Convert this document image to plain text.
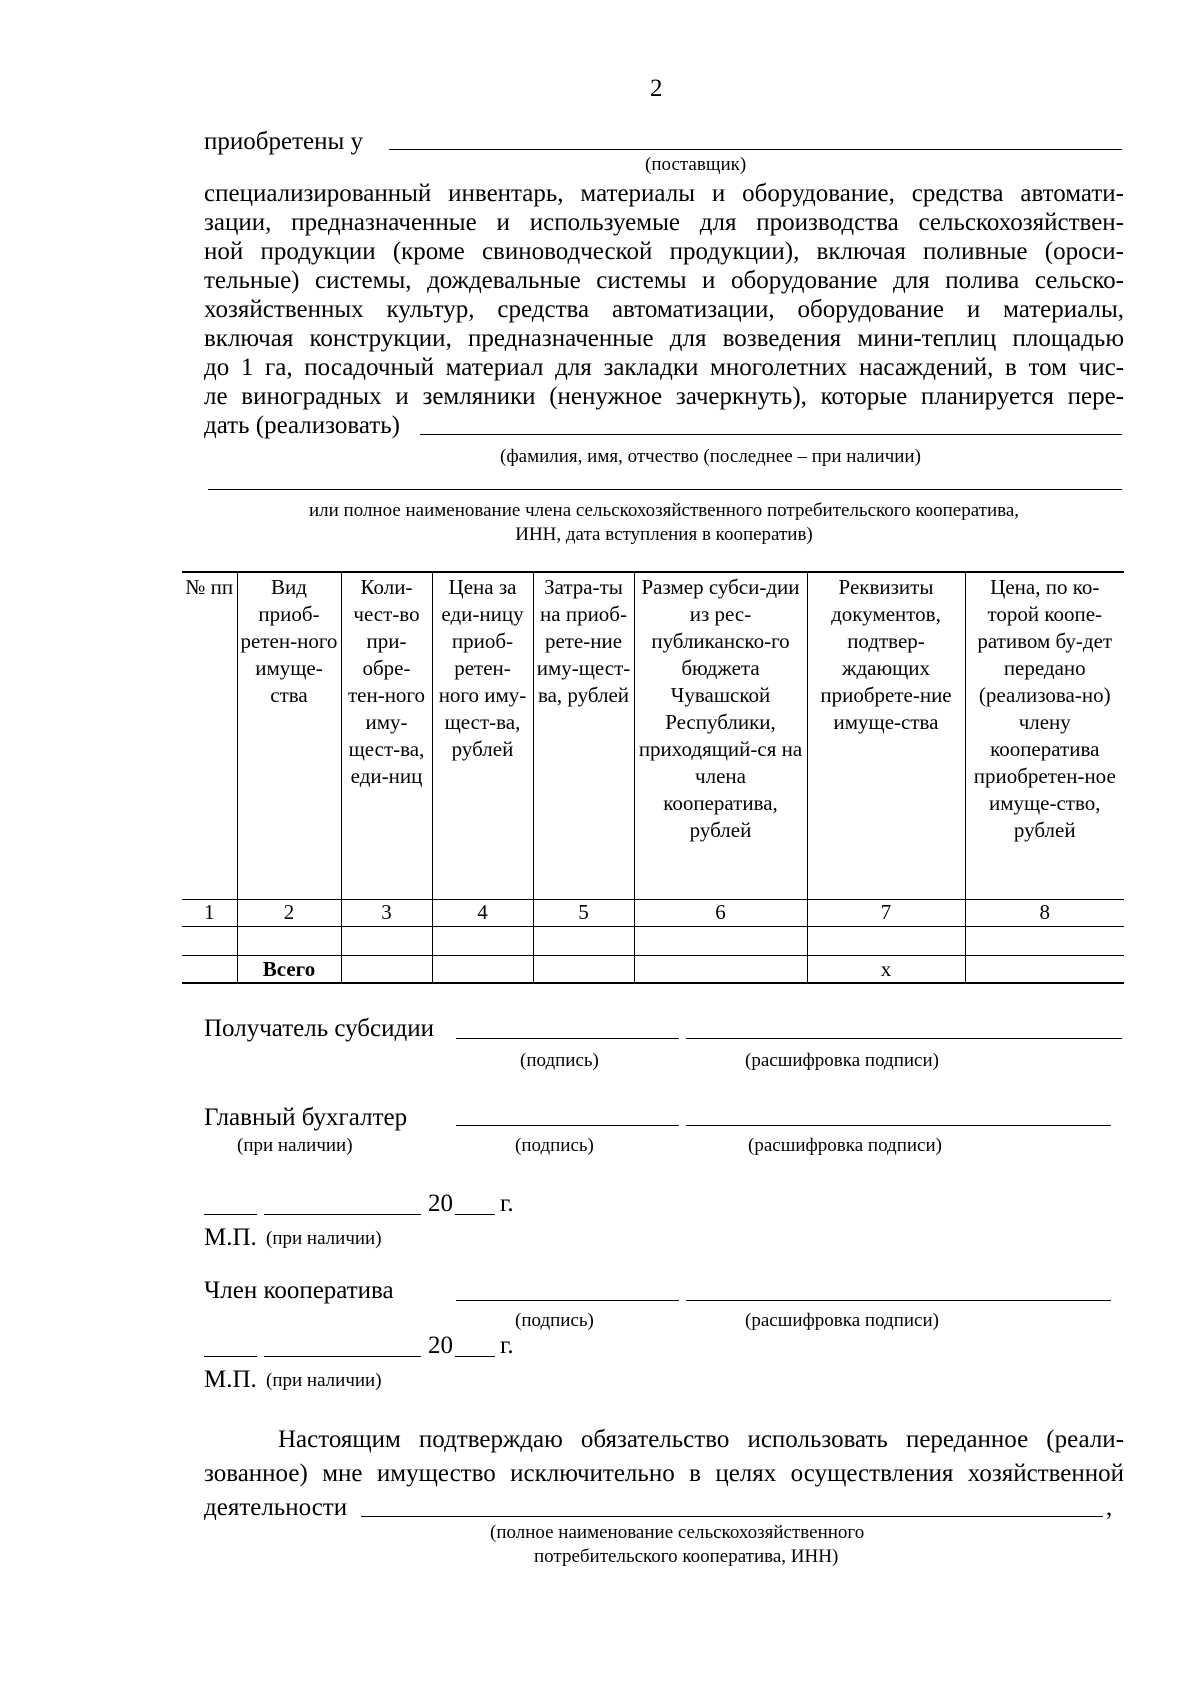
2
приобретены у
(поставщик)
специализированный инвентарь, материалы и оборудование, средства автомати-
зации, предназначенные и используемые для производства сельскохозяйствен-
ной продукции (кроме свиноводческой продукции), включая поливные (ороси-
тельные) системы, дождевальные системы и оборудование для полива сельско-
хозяйственных культур, средства автоматизации, оборудование и материалы,
включая конструкции, предназначенные для возведения мини-теплиц площадью
до 1 га, посадочный материал для закладки многолетних насаждений, в том чис-
ле виноградных и земляники (ненужное зачеркнуть), которые планируется пере-
дать (реализовать)
(фамилия, имя, отчество (последнее – при наличии)
или полное наименование члена сельскохозяйственного потребительского кооператива,
ИНН, дата вступления в кооператив)
№ пп	Вид приоб-ретен-ного имуще-ства	Коли-чест-во при-обре-тен-ного иму-щест-ва, еди-ниц	Цена за еди-ницу приоб-ретен-ного иму-щест-ва, рублей	Затра-ты на приоб-рете-ние иму-щест-ва, рублей	Размер субси-дии из рес-публиканско-го бюджета Чувашской Республики, приходящий-ся на члена кооператива, рублей	Реквизиты документов, подтвер-ждающих приобрете-ние имуще-ства	Цена, по ко-торой коопе-ративом бу-дет передано (реализова-но) члену кооператива приобретен-ное имуще-ство, рублей
1	2	3	4	5	6	7	8

	Всего					х	
Получатель субсидии
(подпись)	(расшифровка подписи)
Главный бухгалтер
(при наличии)	(подпись)	(расшифровка подписи)
20 г.
М.П. (при наличии)
Член кооператива
(подпись)	(расшифровка подписи)
20 г.
М.П. (при наличии)
Настоящим подтверждаю обязательство использовать переданное (реали-
зованное) мне имущество исключительно в целях осуществления хозяйственной
деятельности	,
(полное наименование сельскохозяйственного
потребительского кооператива, ИНН)
